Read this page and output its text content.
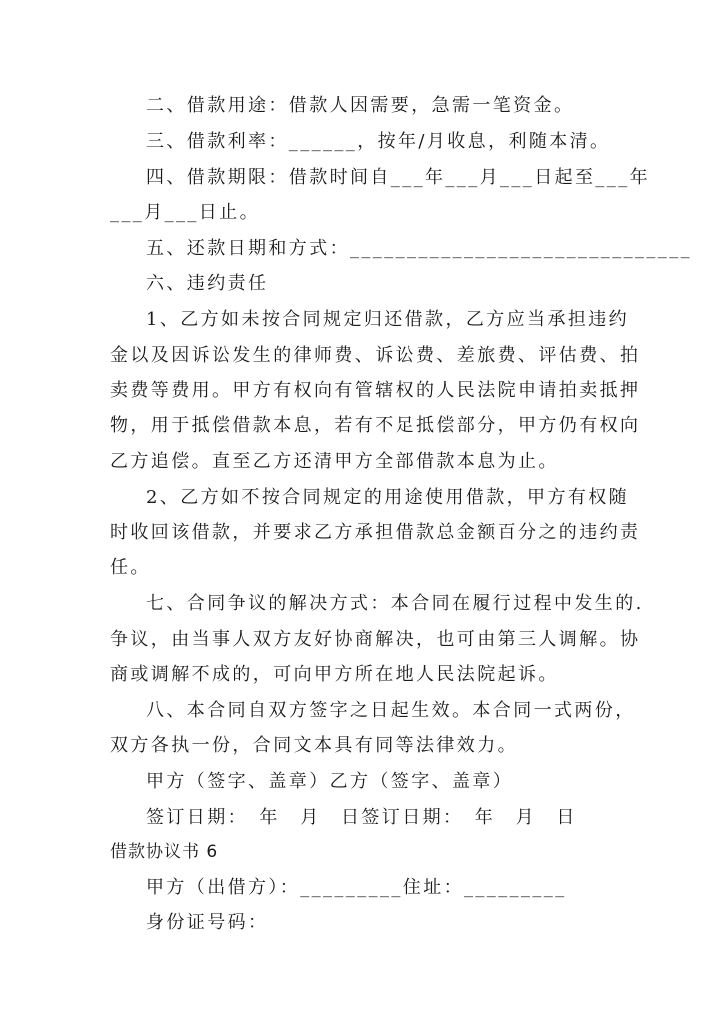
二、借款用途：借款人因需要，急需一笔资金。
三、借款利率：______，按年/月收息，利随本清。
四、借款期限：借款时间自___年___月___日起至___年
___月___日止。
五、还款日期和方式：______________________________
六、违约责任
1、乙方如未按合同规定归还借款，乙方应当承担违约
金以及因诉讼发生的律师费、诉讼费、差旅费、评估费、拍
卖费等费用。甲方有权向有管辖权的人民法院申请拍卖抵押
物，用于抵偿借款本息，若有不足抵偿部分，甲方仍有权向
乙方追偿。直至乙方还清甲方全部借款本息为止。
2、乙方如不按合同规定的用途使用借款，甲方有权随
时收回该借款，并要求乙方承担借款总金额百分之的违约责
任。
七、合同争议的解决方式：本合同在履行过程中发生的.
争议，由当事人双方友好协商解决，也可由第三人调解。协
商或调解不成的，可向甲方所在地人民法院起诉。
八、本合同自双方签字之日起生效。本合同一式两份，
双方各执一份，合同文本具有同等法律效力。
甲方（签字、盖章）乙方（签字、盖章）
签订日期：　年　月　日签订日期：　年　月　日
借款协议书 6
甲方（出借方）：_________住址：_________
身份证号码：
